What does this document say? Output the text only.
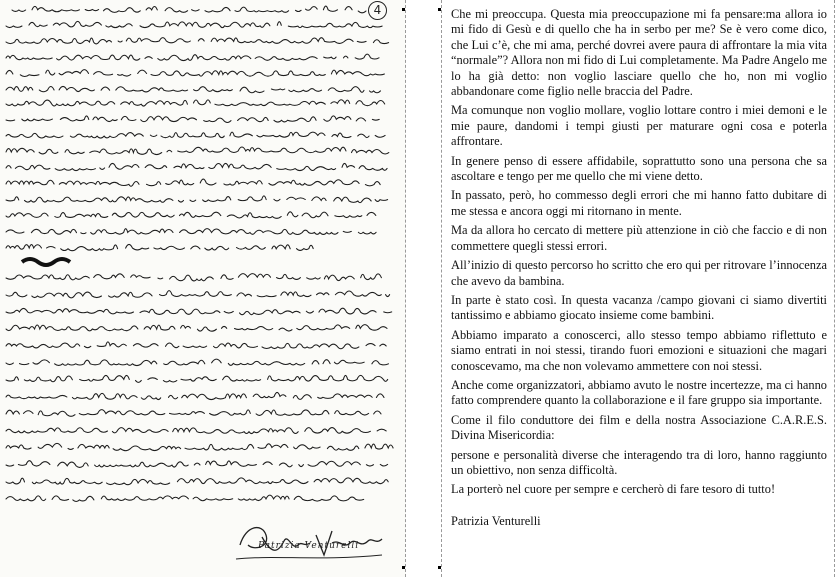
4
Patrizia Venturelli

Che mi preoccupa. Questa mia preoccupazione mi fa pensare:ma allora io mi fido di Gesù e di quello che ha in serbo per me? Se è vero come dico, che Lui c’è, che mi ama, perché dovrei avere paura di affrontare la mia vita “normale”? Allora non mi fido di Lui completamente. Ma Padre Angelo me lo ha già detto: non voglio lasciare quello che ho, non mi voglio abbandonare come figlio nelle braccia del Padre.

Ma comunque non voglio mollare, voglio lottare contro i miei demoni e le mie paure, dandomi i tempi giusti per maturare ogni cosa e poterla affrontare.

In genere penso di essere affidabile, soprattutto sono una persona che sa ascoltare e tengo per me quello che mi viene detto.

In passato, però, ho commesso degli errori che mi hanno fatto dubitare di me stessa e ancora oggi mi ritornano in mente.

Ma da allora ho cercato di mettere più attenzione in ciò che faccio e di non commettere quegli stessi errori.

All’inizio di questo percorso ho scritto che ero qui per ritrovare l’innocenza che avevo da bambina.

In parte è stato così. In questa vacanza /campo giovani ci siamo divertiti tantissimo e abbiamo giocato insieme come bambini.

Abbiamo imparato a conoscerci, allo stesso tempo abbiamo riflettuto e siamo entrati in noi stessi, tirando fuori emozioni e situazioni che magari conoscevamo, ma che non volevamo ammettere con noi stessi.

Anche come organizzatori, abbiamo avuto le nostre incertezze, ma ci hanno fatto comprendere quanto la collaborazione e il fare gruppo sia importante.

Come il filo conduttore dei film e della nostra Associazione C.A.R.E.S. Divina Misericordia:

persone e personalità diverse che interagendo tra di loro, hanno raggiunto un obiettivo, non senza difficoltà.

La porterò nel cuore per sempre e cercherò di fare tesoro di tutto!

Patrizia Venturelli
